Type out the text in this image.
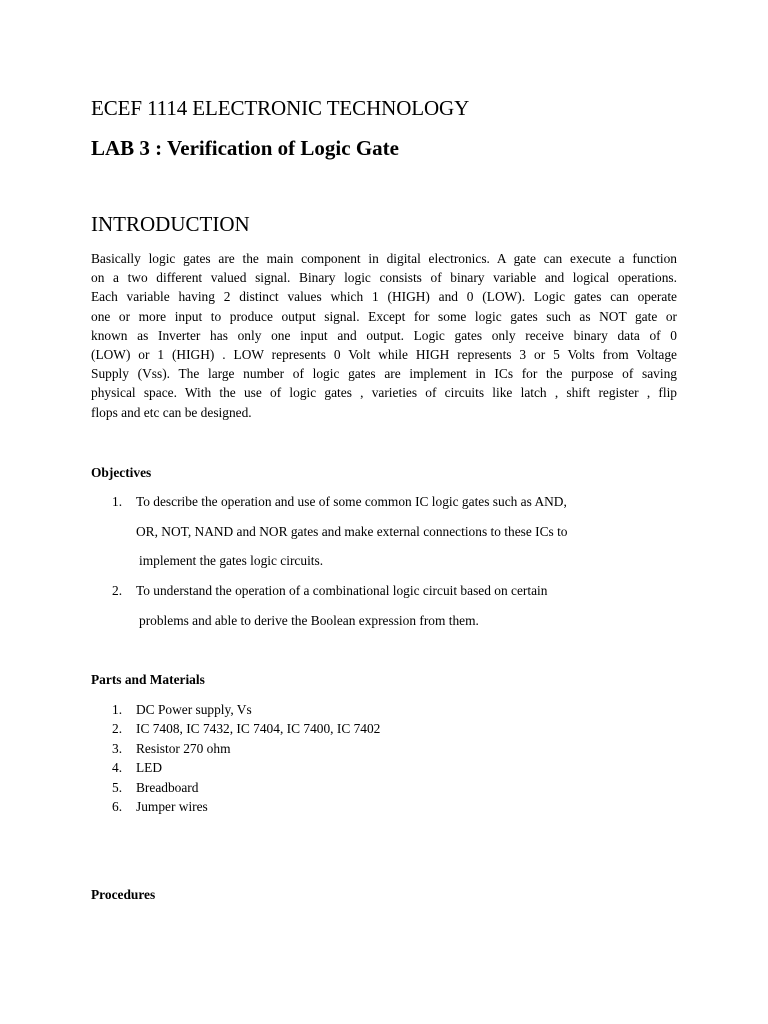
ECEF 1114 ELECTRONIC TECHNOLOGY
LAB 3 : Verification of Logic Gate
INTRODUCTION
Basically logic gates are the main component in digital electronics. A gate can execute a function
on a two different valued signal. Binary logic consists of binary variable and logical operations.
Each variable having 2 distinct values which 1 (HIGH) and 0 (LOW). Logic gates can operate
one or more input to produce output signal. Except for some logic gates such as NOT gate or
known as Inverter has only one input and output. Logic gates only receive binary data of 0
(LOW) or 1 (HIGH) . LOW represents 0 Volt while HIGH represents 3 or 5 Volts from Voltage
Supply (Vss). The large number of logic gates are implement in ICs for the purpose of saving
physical space. With the use of logic gates , varieties of circuits like latch , shift register , flip
flops and etc can be designed.
Objectives
1. To describe the operation and use of some common IC logic gates such as AND,
OR, NOT, NAND and NOR gates and make external connections to these ICs to
implement the gates logic circuits.
2. To understand the operation of a combinational logic circuit based on certain
problems and able to derive the Boolean expression from them.
Parts and Materials
1. DC Power supply, Vs
2. IC 7408, IC 7432, IC 7404, IC 7400, IC 7402
3. Resistor 270 ohm
4. LED
5. Breadboard
6. Jumper wires
Procedures
